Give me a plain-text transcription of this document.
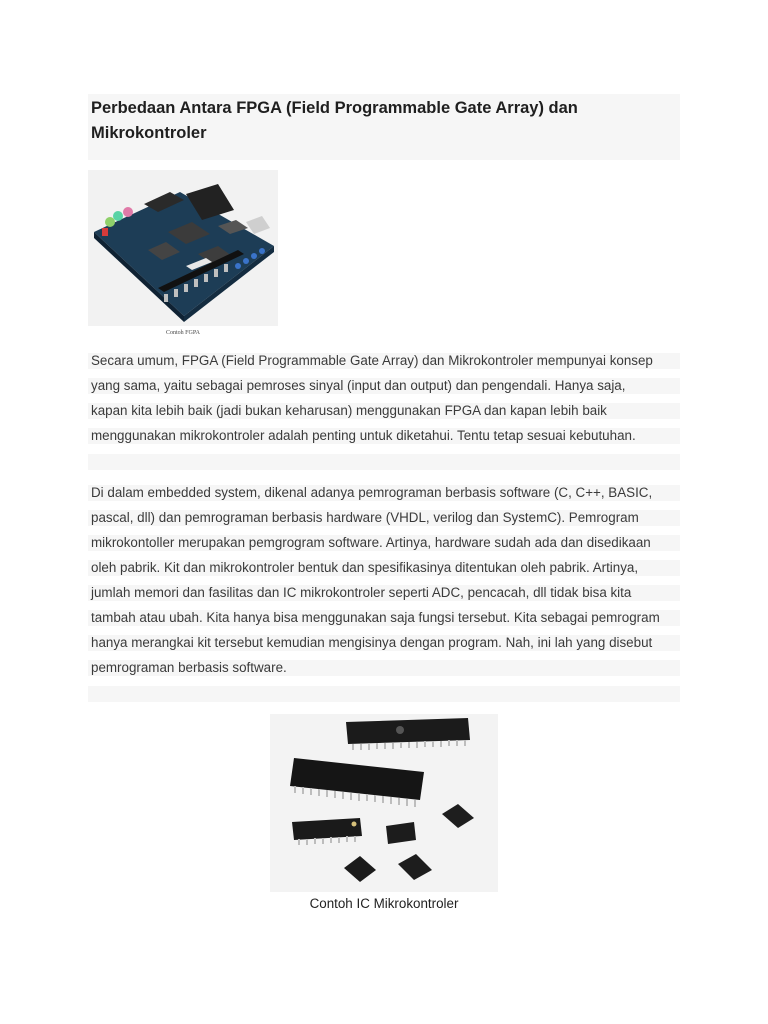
Perbedaan Antara FPGA (Field Programmable Gate Array) dan Mikrokontroler
Contoh FGPA
Secara umum, FPGA (Field Programmable Gate Array) dan Mikrokontroler mempunyai konsep
yang sama, yaitu sebagai pemroses sinyal (input dan output) dan pengendali. Hanya saja,
kapan kita lebih baik (jadi bukan keharusan) menggunakan FPGA dan kapan lebih baik
menggunakan mikrokontroler adalah penting untuk diketahui. Tentu tetap sesuai kebutuhan.
Di dalam embedded system, dikenal adanya pemrograman berbasis software (C, C++, BASIC,
pascal, dll) dan pemrograman berbasis hardware (VHDL, verilog dan SystemC). Pemrogram
mikrokontoller merupakan pemgrogram software. Artinya, hardware sudah ada dan disedikaan
oleh pabrik. Kit dan mikrokontroler bentuk dan spesifikasinya ditentukan oleh pabrik. Artinya,
jumlah memori dan fasilitas dan IC mikrokontroler seperti ADC, pencacah, dll tidak bisa kita
tambah atau ubah. Kita hanya bisa menggunakan saja fungsi tersebut. Kita sebagai pemrogram
hanya merangkai kit tersebut kemudian mengisinya dengan program. Nah, ini lah yang disebut
pemrograman berbasis software.
Contoh IC Mikrokontroler
